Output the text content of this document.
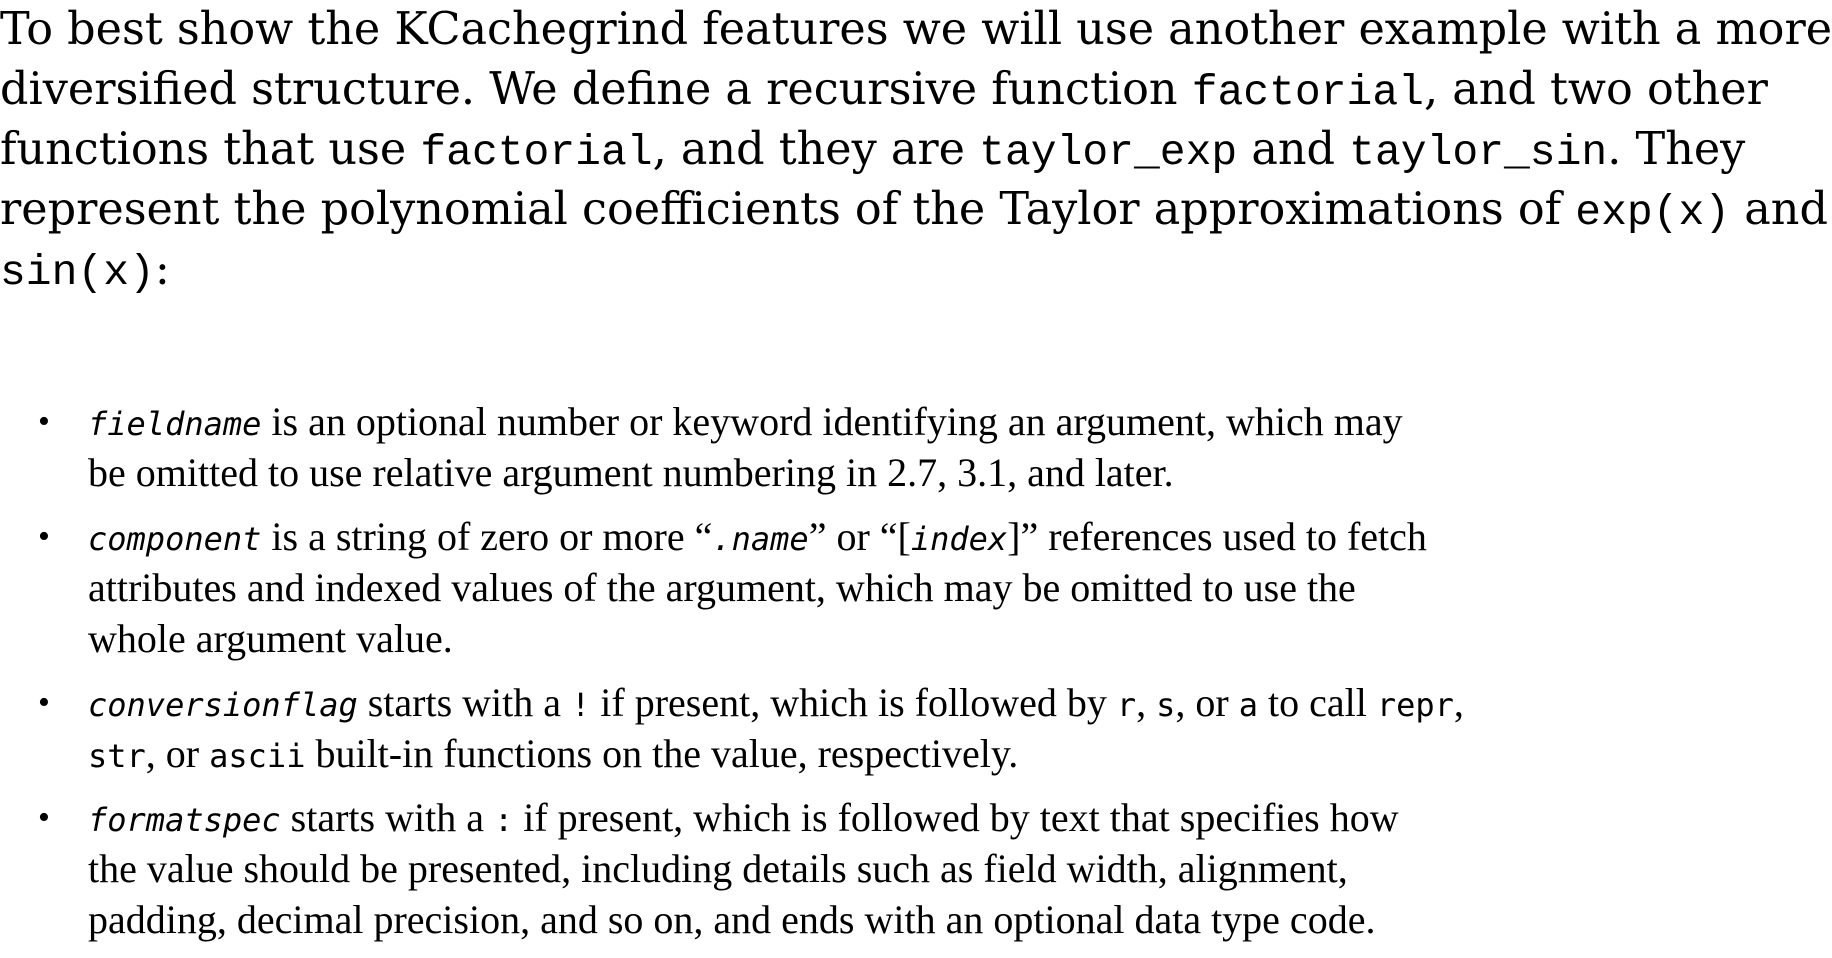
To best show the KCachegrind features we will use another example with a more
diversified structure. We define a recursive function factorial, and two other
functions that use factorial, and they are taylor_exp and taylor_sin. They
represent the polynomial coefficients of the Taylor approximations of exp(x) and
sin(x):
• fieldname is an optional number or keyword identifying an argument, which may
be omitted to use relative argument numbering in 2.7, 3.1, and later.
• component is a string of zero or more “.name” or “[index]” references used to fetch
attributes and indexed values of the argument, which may be omitted to use the
whole argument value.
• conversionflag starts with a ! if present, which is followed by r, s, or a to call repr,
str, or ascii built-in functions on the value, respectively.
• formatspec starts with a : if present, which is followed by text that specifies how
the value should be presented, including details such as field width, alignment,
padding, decimal precision, and so on, and ends with an optional data type code.
